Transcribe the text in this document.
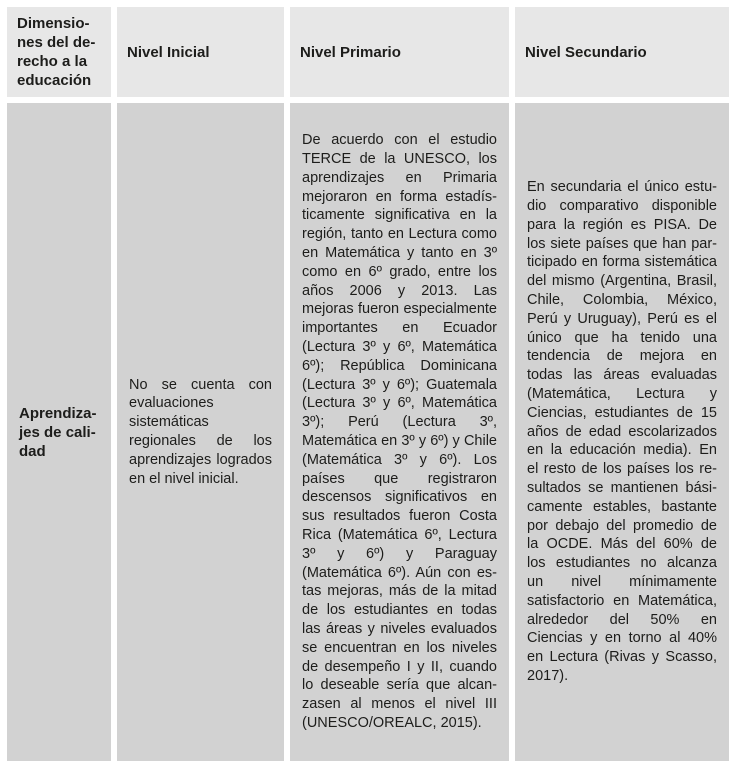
Dimensiones del derecho a la educación

Nivel Inicial	Nivel Primario	Nivel Secundario

Aprendizajes de calidad

No se cuenta con evaluaciones sistemáticas regionales de los aprendizajes logrados en el nivel inicial.

De acuerdo con el estudio TERCE de la UNESCO, los aprendizajes en Primaria mejoraron en forma estadísticamente significativa en la región, tanto en Lectura como en Matemática y tanto en 3º como en 6º grado, entre los años 2006 y 2013. Las mejoras fueron especialmente importantes en Ecuador (Lectura 3º y 6º, Matemática 6º); República Dominicana (Lectura 3º y 6º); Guatemala (Lectura 3º y 6º, Matemática 3º); Perú (Lectura 3º, Matemática en 3º y 6º) y Chile (Matemática 3º y 6º). Los países que registraron descensos significativos en sus resultados fueron Costa Rica (Matemática 6º, Lectura 3º y 6º) y Paraguay (Matemática 6º). Aún con estas mejoras, más de la mitad de los estudiantes en todas las áreas y niveles evaluados se encuentran en los niveles de desempeño I y II, cuando lo deseable sería que alcanzasen al menos el nivel III (UNESCO/OREALC, 2015).

En secundaria el único estudio comparativo disponible para la región es PISA. De los siete países que han participado en forma sistemática del mismo (Argentina, Brasil, Chile, Colombia, México, Perú y Uruguay), Perú es el único que ha tenido una tendencia de mejora en todas las áreas evaluadas (Matemática, Lectura y Ciencias, estudiantes de 15 años de edad escolarizados en la educación media). En el resto de los países los resultados se mantienen básicamente estables, bastante por debajo del promedio de la OCDE. Más del 60% de los estudiantes no alcanza un nivel mínimamente satisfactorio en Matemática, alrededor del 50% en Ciencias y en torno al 40% en Lectura (Rivas y Scasso, 2017).
